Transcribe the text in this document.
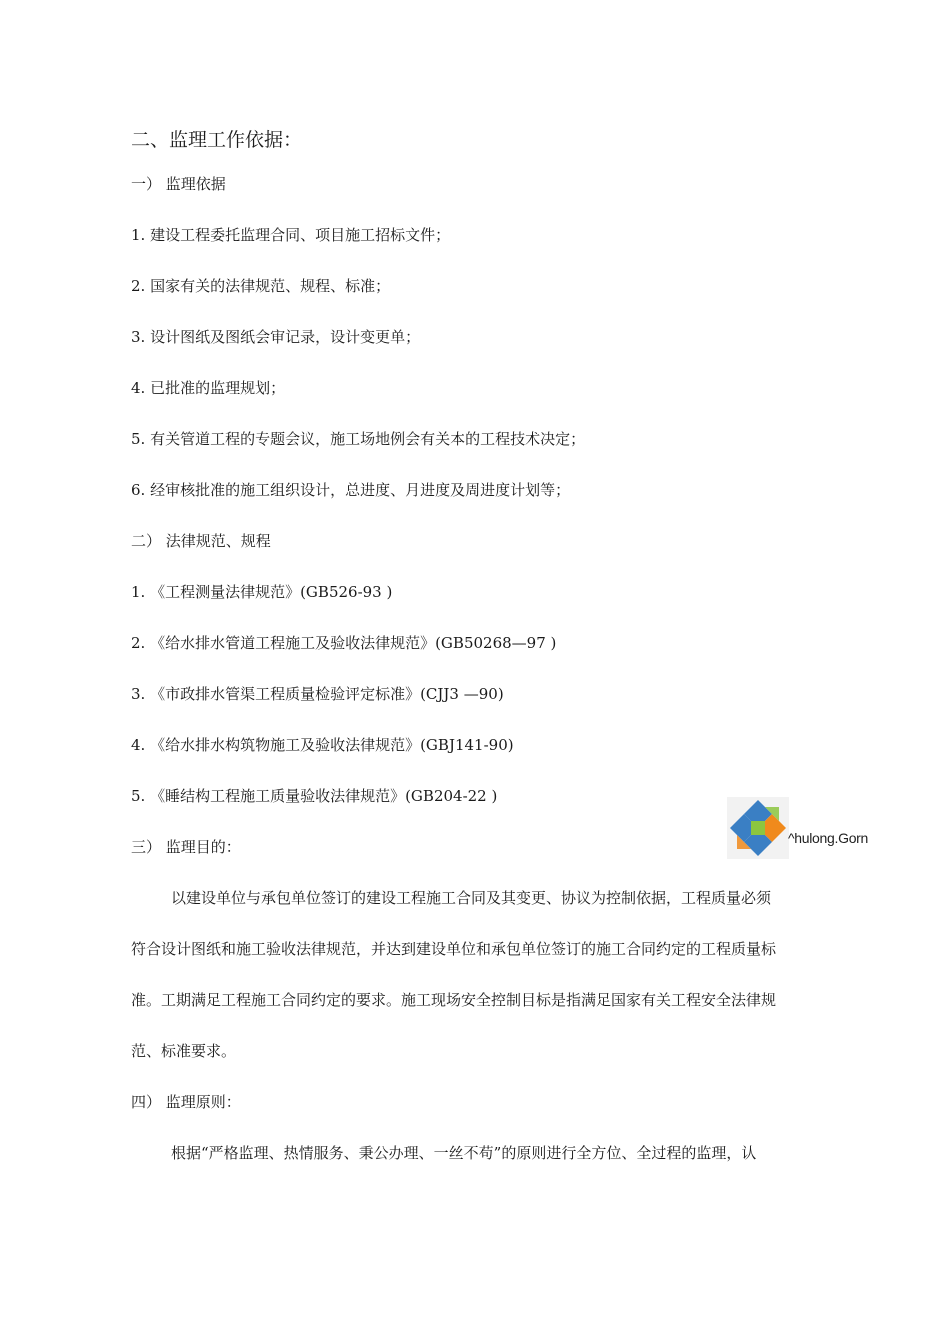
二、监理工作依据：
一） 监理依据
1. 建设工程委托监理合同、项目施工招标文件；
2. 国家有关的法律规范、规程、标准；
3. 设计图纸及图纸会审记录，设计变更单；
4. 已批准的监理规划；
5. 有关管道工程的专题会议，施工场地例会有关本的工程技术决定；
6. 经审核批准的施工组织设计，总进度、月进度及周进度计划等；
二） 法律规范、规程
1. 《工程测量法律规范》(GB526-93 )
2. 《给水排水管道工程施工及验收法律规范》(GB50268—97 )
3. 《市政排水管渠工程质量检验评定标准》(CJJ3 —90)
4. 《给水排水构筑物施工及验收法律规范》(GBJ141-90)
5. 《睡结构工程施工质量验收法律规范》(GB204-22 )
三） 监理目的：
以建设单位与承包单位签订的建设工程施工合同及其变更、协议为控制依据，工程质量必须
符合设计图纸和施工验收法律规范，并达到建设单位和承包单位签订的施工合同约定的工程质量标
准。工期满足工程施工合同约定的要求。施工现场安全控制目标是指满足国家有关工程安全法律规
范、标准要求。
四） 监理原则：
根据“严格监理、热情服务、秉公办理、一丝不苟”的原则进行全方位、全过程的监理，认
^hulong.Gorn
